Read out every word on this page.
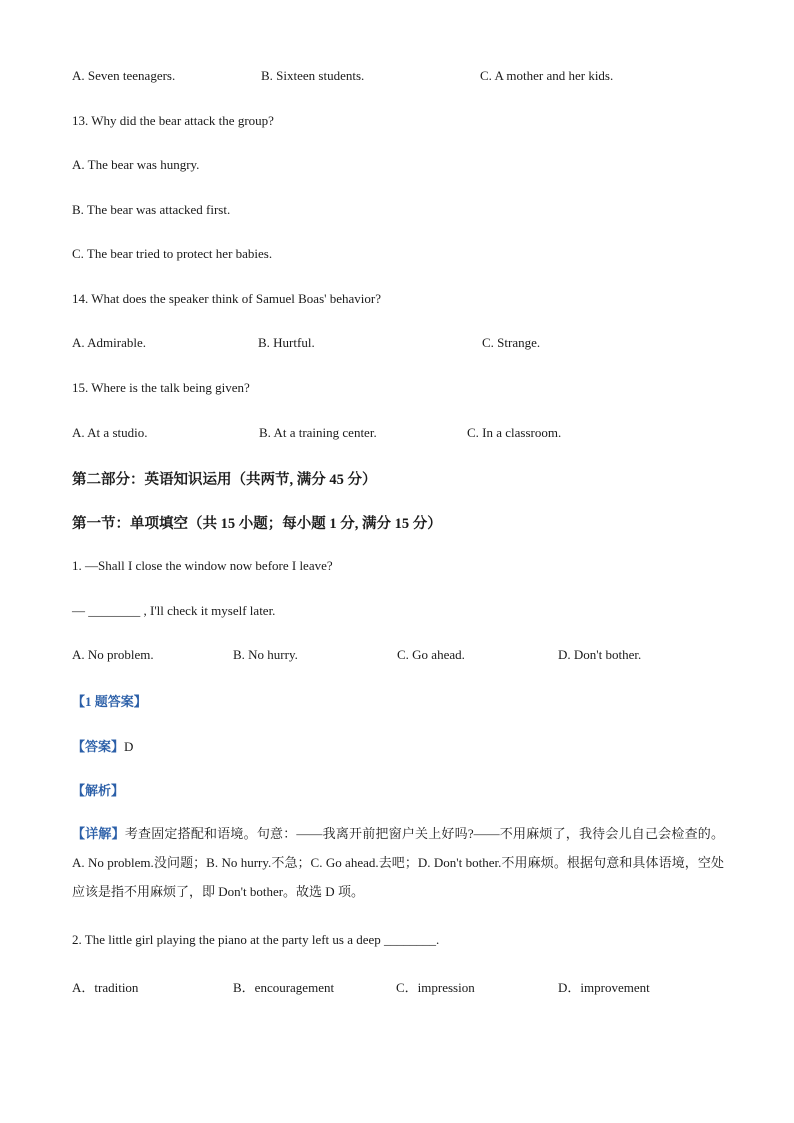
A. Seven teenagers.	B. Sixteen students.	C. A mother and her kids.
13. Why did the bear attack the group?
A. The bear was hungry.
B. The bear was attacked first.
C. The bear tried to protect her babies.
14. What does the speaker think of Samuel Boas' behavior?
A. Admirable.	B. Hurtful.	C. Strange.
15. Where is the talk being given?
A. At a studio.	B. At a training center.	C. In a classroom.
第二部分：英语知识运用（共两节, 满分 45 分）
第一节：单项填空（共 15 小题；每小题 1 分, 满分 15 分）
1. —Shall I close the window now before I leave?
— ________ , I'll check it myself later.
A. No problem.	B. No hurry.	C. Go ahead.	D. Don't bother.
【1 题答案】
【答案】D
【解析】
【详解】考查固定搭配和语境。句意：——我离开前把窗户关上好吗?——不用麻烦了，我待会儿自己会检查的。A. No problem.没问题；B. No hurry.不急；C. Go ahead.去吧；D. Don't bother.不用麻烦。根据句意和具体语境，空处应该是指不用麻烦了，即 Don't bother。故选 D 项。
2. The little girl playing the piano at the party left us a deep ________.
A．tradition	B．encouragement	C．impression	D．improvement
